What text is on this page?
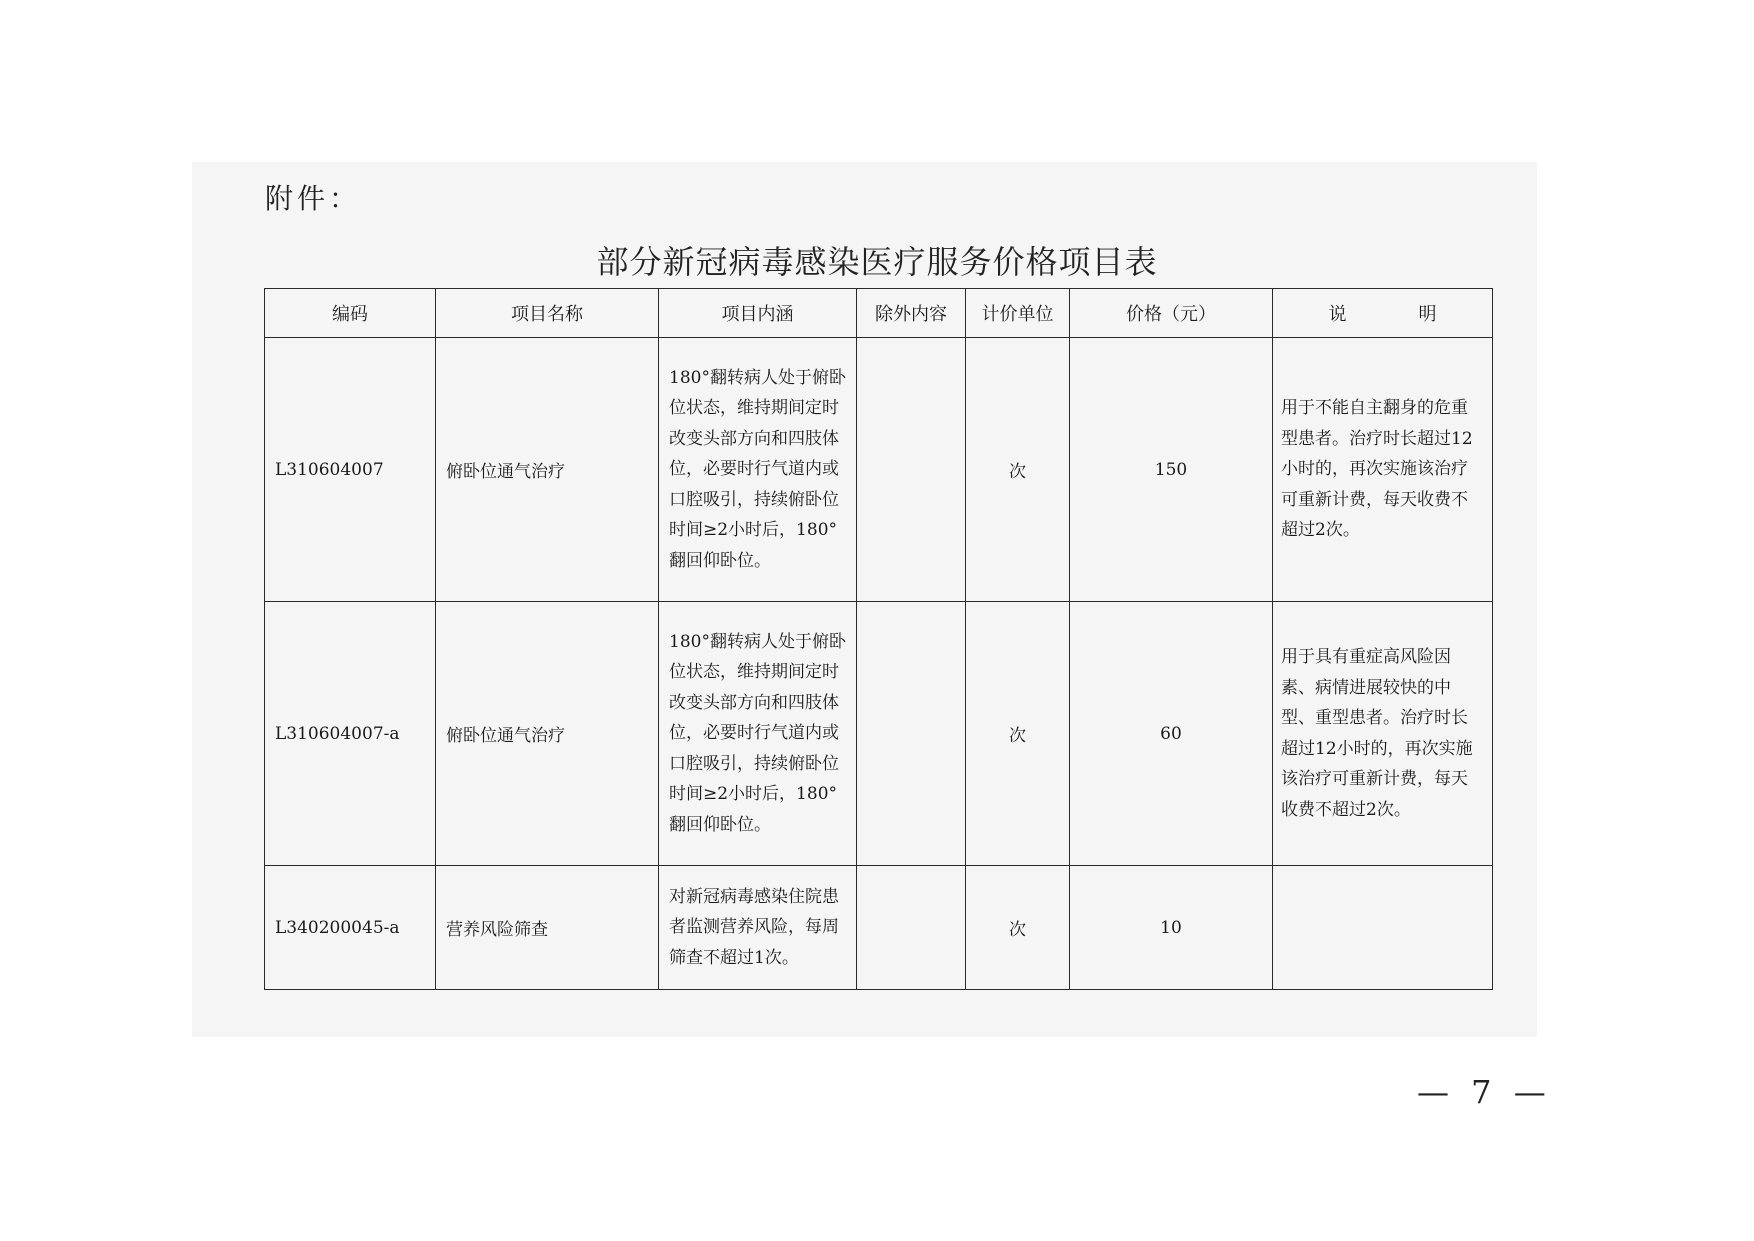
附件：
部分新冠病毒感染医疗服务价格项目表
编码	项目名称	项目内涵	除外内容	计价单位	价格（元）	说　　　　明
L310604007	俯卧位通气治疗	180°翻转病人处于俯卧位状态，维持期间定时改变头部方向和四肢体位，必要时行气道内或口腔吸引，持续俯卧位时间≥2小时后，180°翻回仰卧位。		次	150	用于不能自主翻身的危重型患者。治疗时长超过12小时的，再次实施该治疗可重新计费，每天收费不超过2次。
L310604007-a	俯卧位通气治疗	180°翻转病人处于俯卧位状态，维持期间定时改变头部方向和四肢体位，必要时行气道内或口腔吸引，持续俯卧位时间≥2小时后，180°翻回仰卧位。		次	60	用于具有重症高风险因素、病情进展较快的中型、重型患者。治疗时长超过12小时的，再次实施该治疗可重新计费，每天收费不超过2次。
L340200045-a	营养风险筛查	对新冠病毒感染住院患者监测营养风险，每周筛查不超过1次。		次	10	
— 7 —
